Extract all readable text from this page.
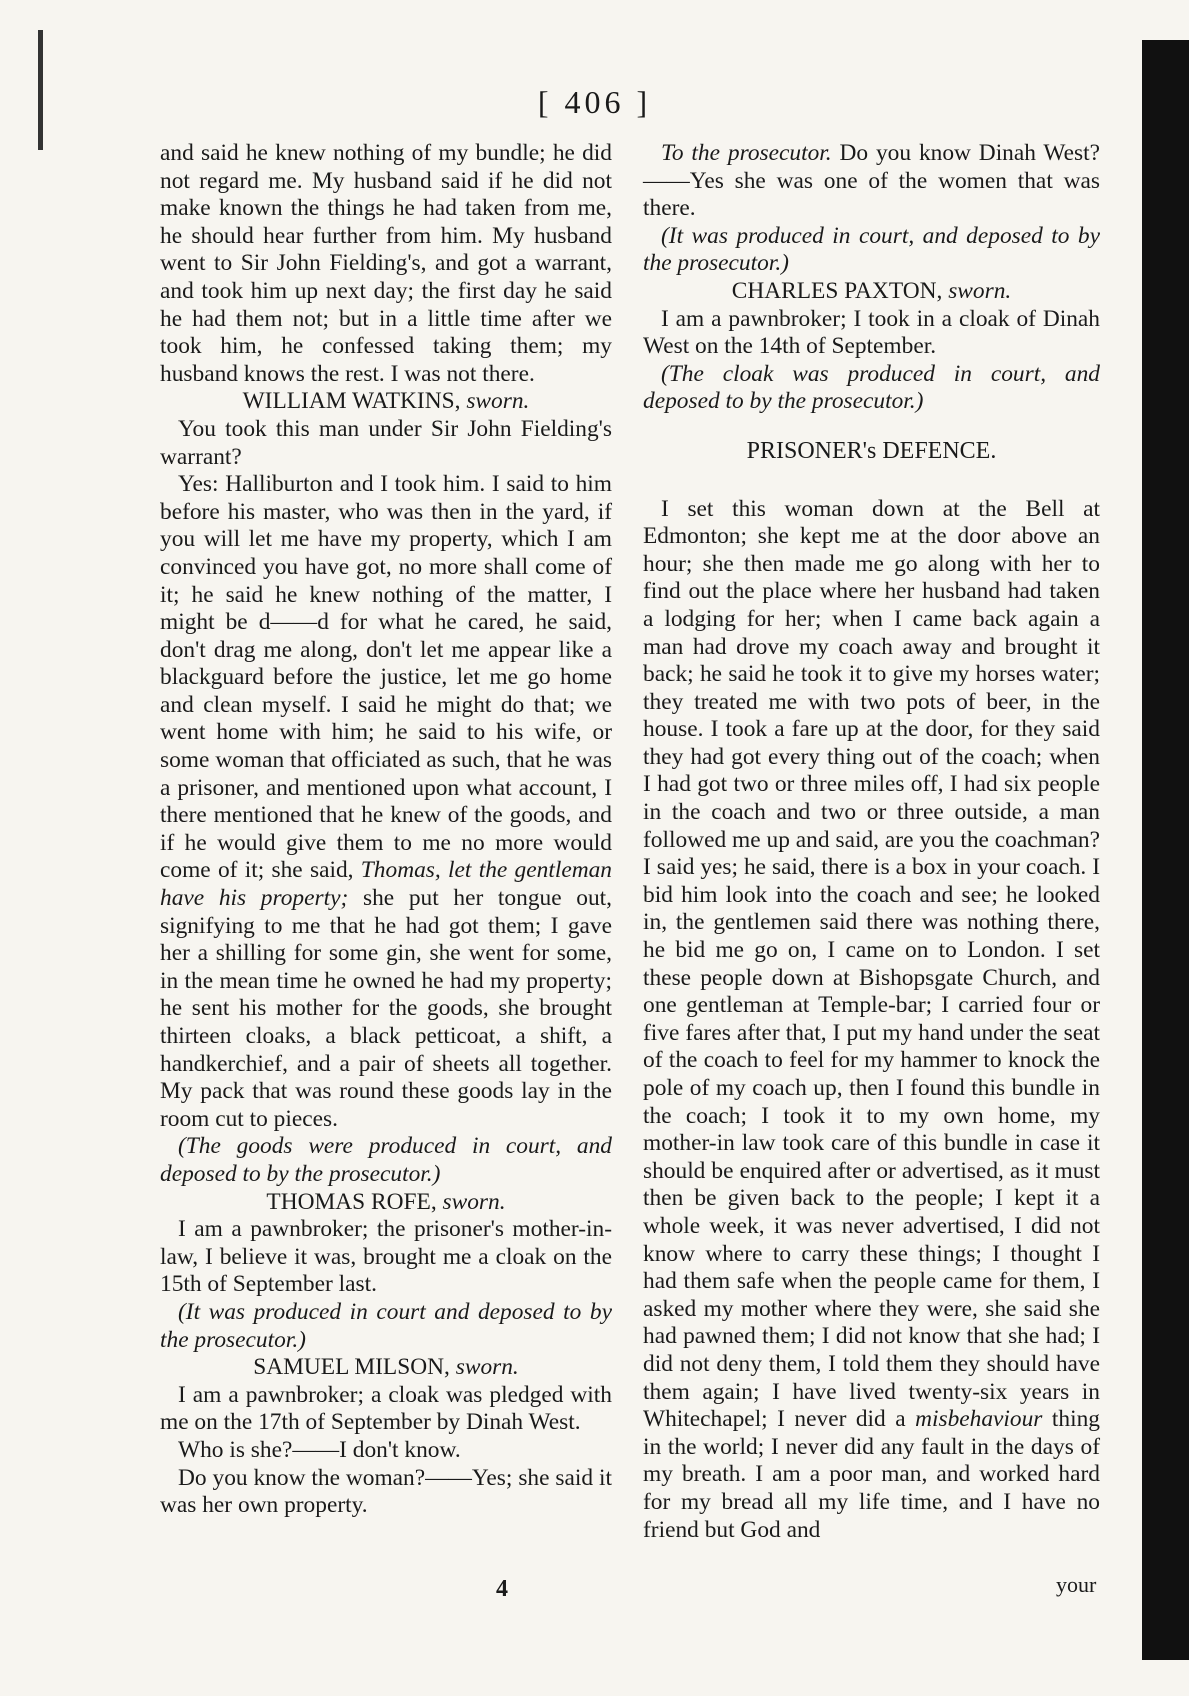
[ 406 ]

and said he knew nothing of my bundle; he did not regard me. My husband said if he did not make known the things he had taken from me, he should hear further from him. My husband went to Sir John Fielding's, and got a warrant, and took him up next day; the first day he said he had them not; but in a little time after we took him, he confessed taking them; my husband knows the rest. I was not there.

WILLIAM WATKINS, sworn.

You took this man under Sir John Fielding's warrant?

Yes: Halliburton and I took him. I said to him before his master, who was then in the yard, if you will let me have my property, which I am convinced you have got, no more shall come of it; he said he knew nothing of the matter, I might be d——d for what he cared, he said, don't drag me along, don't let me appear like a blackguard before the justice, let me go home and clean myself. I said he might do that; we went home with him; he said to his wife, or some woman that officiated as such, that he was a prisoner, and mentioned upon what account, I there mentioned that he knew of the goods, and if he would give them to me no more would come of it; she said, Thomas, let the gentleman have his property; she put her tongue out, signifying to me that he had got them; I gave her a shilling for some gin, she went for some, in the mean time he owned he had my property; he sent his mother for the goods, she brought thirteen cloaks, a black petticoat, a shift, a handkerchief, and a pair of sheets all together. My pack that was round these goods lay in the room cut to pieces.

(The goods were produced in court, and deposed to by the prosecutor.)

THOMAS ROFE, sworn.

I am a pawnbroker; the prisoner's mother-in-law, I believe it was, brought me a cloak on the 15th of September last.

(It was produced in court and deposed to by the prosecutor.)

SAMUEL MILSON, sworn.

I am a pawnbroker; a cloak was pledged with me on the 17th of September by Dinah West.

Who is she?——I don't know.

Do you know the woman?——Yes; she said it was her own property.

To the prosecutor. Do you know Dinah West?——Yes she was one of the women that was there.

(It was produced in court, and deposed to by the prosecutor.)

CHARLES PAXTON, sworn.

I am a pawnbroker; I took in a cloak of Dinah West on the 14th of September.

(The cloak was produced in court, and deposed to by the prosecutor.)

PRISONER's DEFENCE.

I set this woman down at the Bell at Edmonton; she kept me at the door above an hour; she then made me go along with her to find out the place where her husband had taken a lodging for her; when I came back again a man had drove my coach away and brought it back; he said he took it to give my horses water; they treated me with two pots of beer, in the house. I took a fare up at the door, for they said they had got every thing out of the coach; when I had got two or three miles off, I had six people in the coach and two or three outside, a man followed me up and said, are you the coachman? I said yes; he said, there is a box in your coach. I bid him look into the coach and see; he looked in, the gentlemen said there was nothing there, he bid me go on, I came on to London. I set these people down at Bishopsgate Church, and one gentleman at Temple-bar; I carried four or five fares after that, I put my hand under the seat of the coach to feel for my hammer to knock the pole of my coach up, then I found this bundle in the coach; I took it to my own home, my mother-in law took care of this bundle in case it should be enquired after or advertised, as it must then be given back to the people; I kept it a whole week, it was never advertised, I did not know where to carry these things; I thought I had them safe when the people came for them, I asked my mother where they were, she said she had pawned them; I did not know that she had; I did not deny them, I told them they should have them again; I have lived twenty-six years in Whitechapel; I never did a misbehaviour thing in the world; I never did any fault in the days of my breath. I am a poor man, and worked hard for my bread all my life time, and I have no friend but God and

4	your
